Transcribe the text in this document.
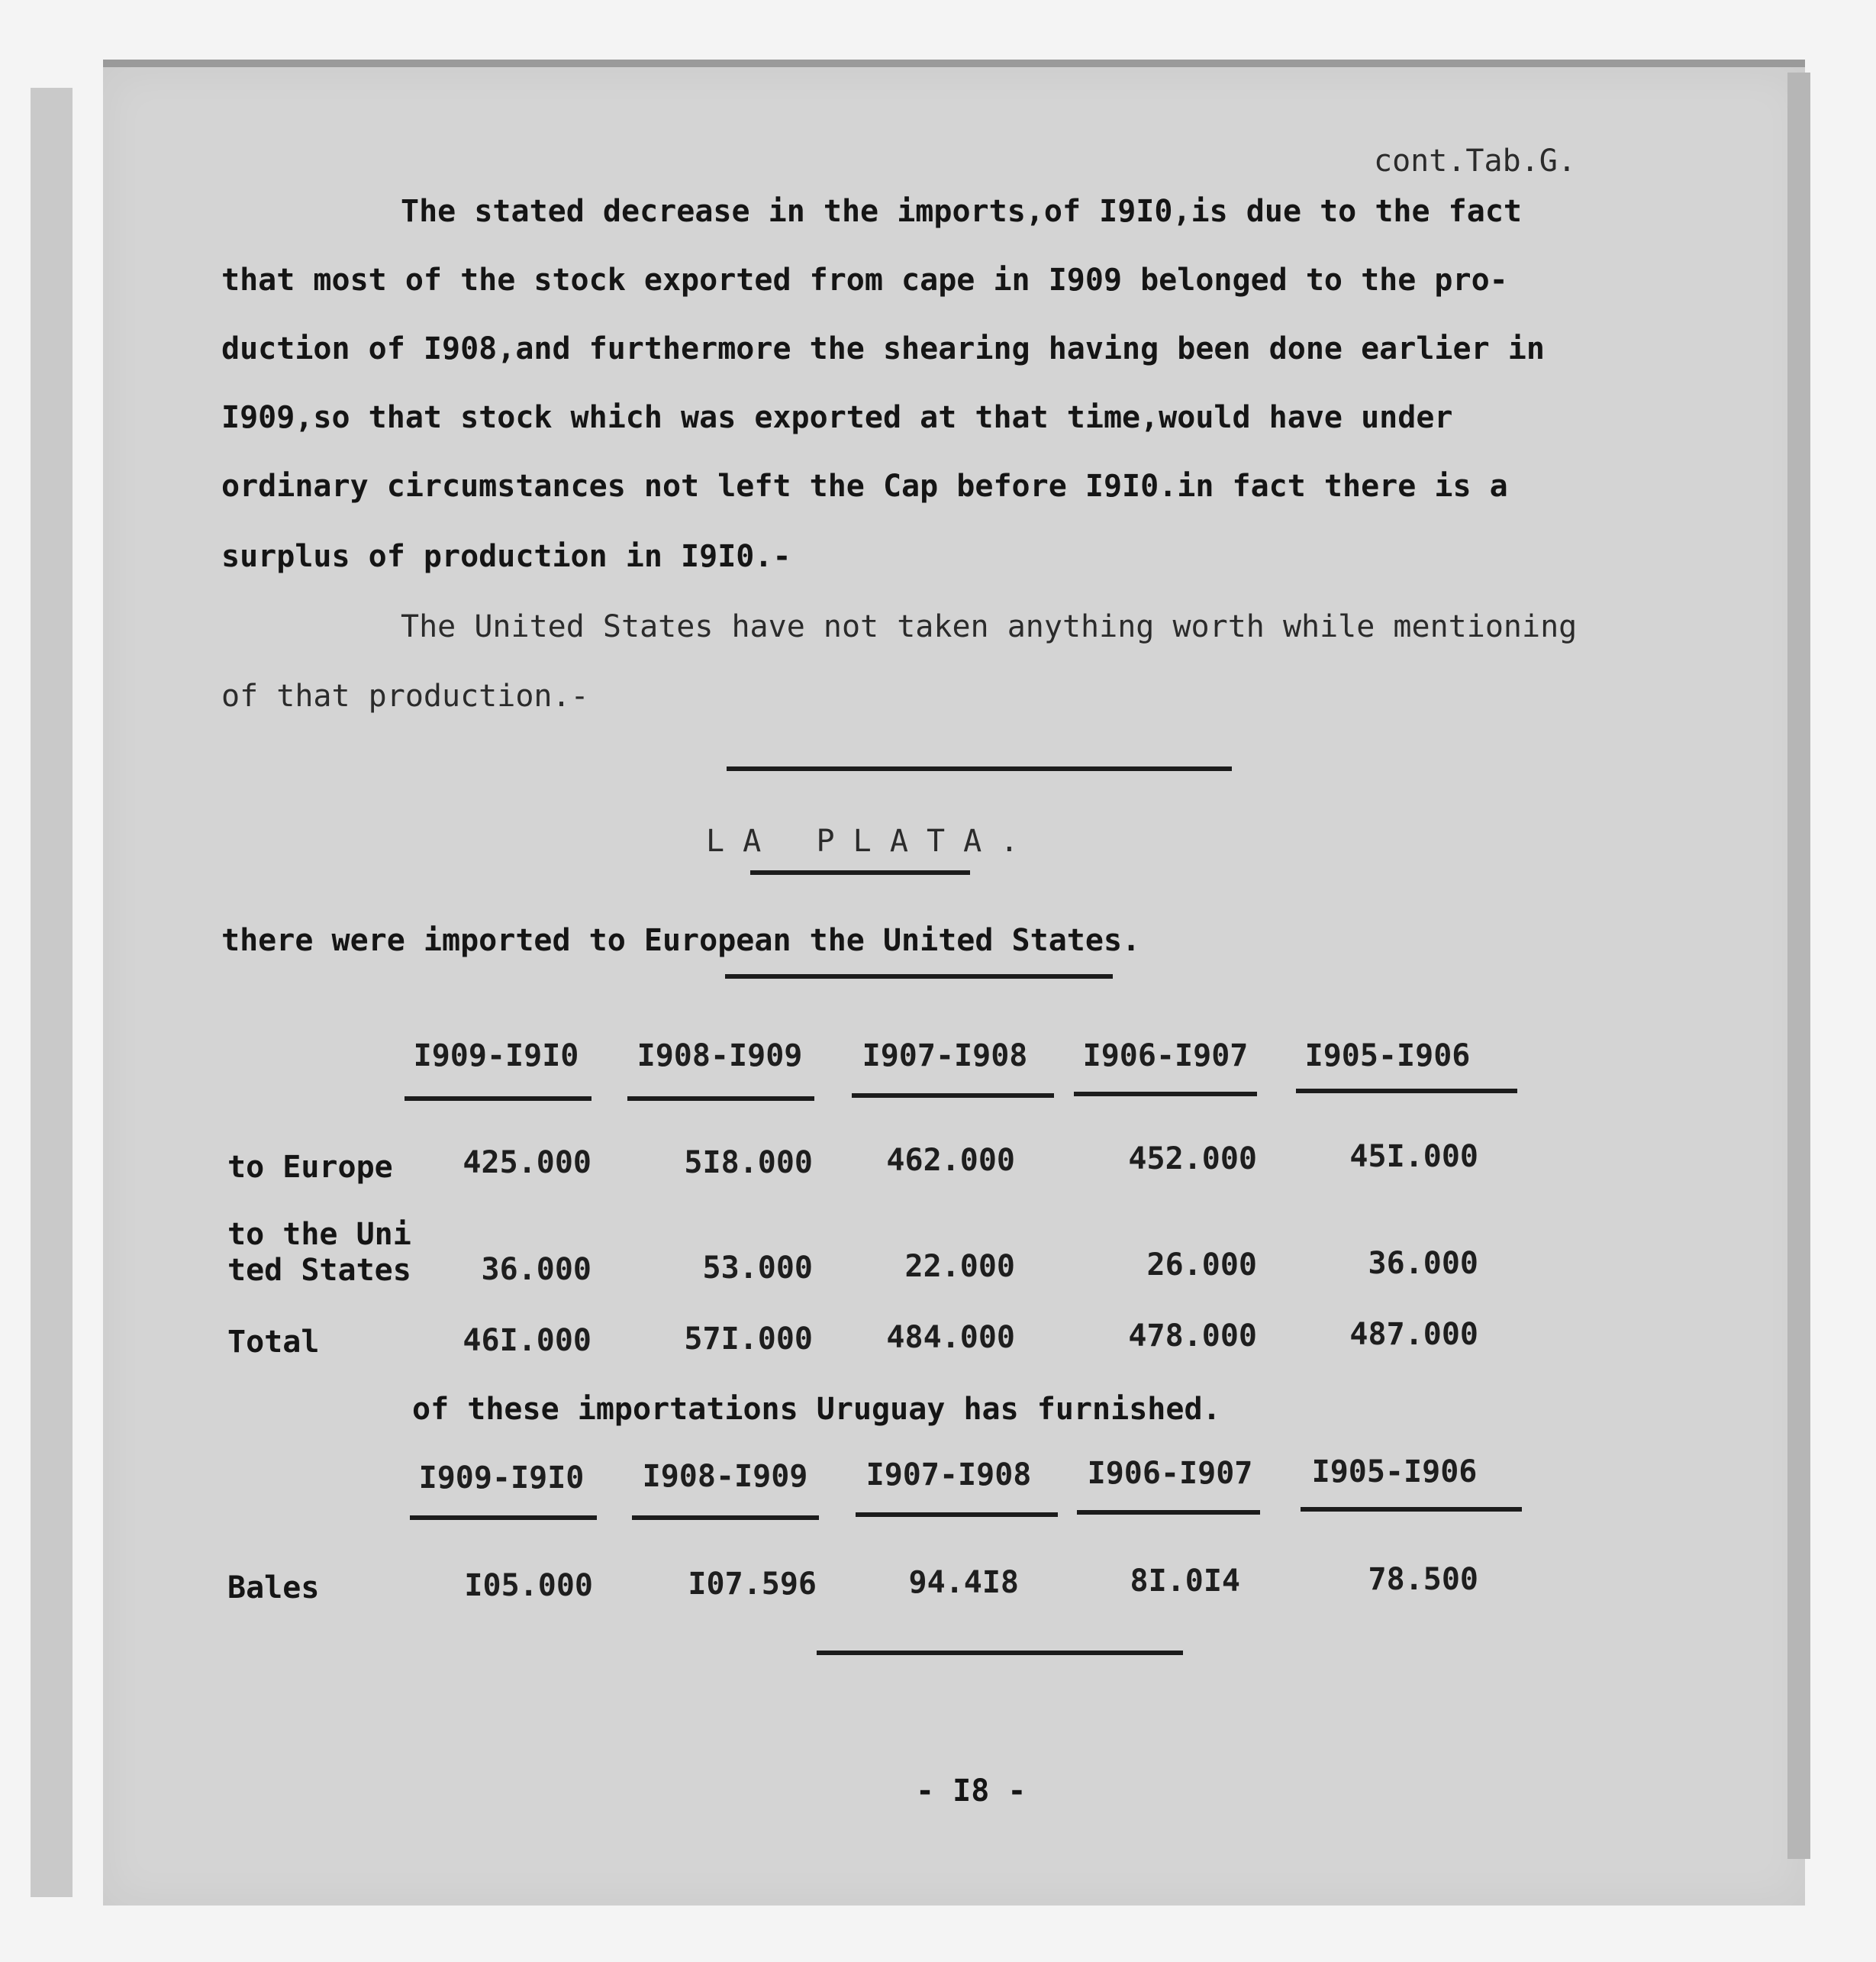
cont.Tab.G.
The stated decrease in the imports,of I9I0,is due to the fact
that most of the stock exported from cape in I909 belonged to the pro-
duction of I908,and furthermore the shearing having been done earlier in
I909,so that stock which was exported at that time,would have under
ordinary circumstances not left the Cap before I9I0.in fact there is a
surplus of production in I9I0.-
The United States have not taken anything worth while mentioning
of that production.-
L A   P L A T A .
there were imported to European the United States.
I909-I9I0	I908-I909	I907-I908	I906-I907	I905-I906
to Europe	425.000	5I8.000	462.000	452.000	45I.000
to the Uni
ted States	36.000	53.000	22.000	26.000	36.000
Total	46I.000	57I.000	484.000	478.000	487.000
of these importations Uruguay has furnished.
I909-I9I0	I908-I909	I907-I908	I906-I907	I905-I906
Bales	I05.000	I07.596	94.4I8	8I.0I4	78.500
- I8 -
